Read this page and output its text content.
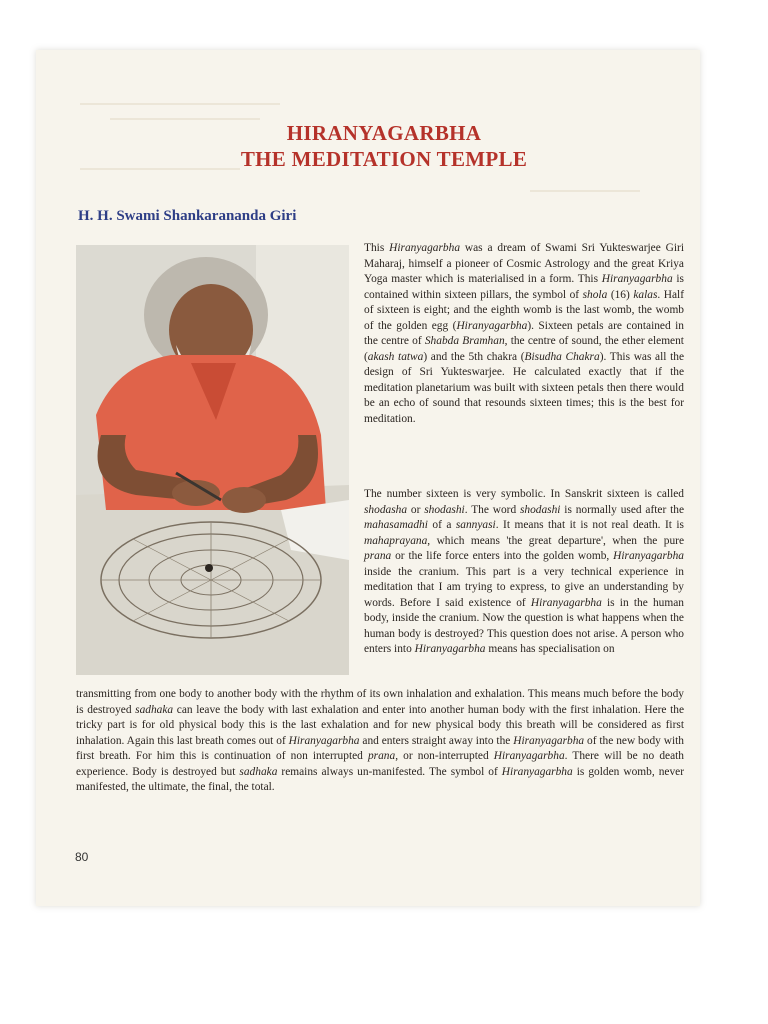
HIRANYAGARBHA
THE MEDITATION TEMPLE
H. H. Swami Shankarananda Giri

This Hiranyagarbha was a dream of Swami Sri Yukteswarjee Giri Maharaj, himself a pioneer of Cosmic Astrology and the great Kriya Yoga master which is materialised in a form. This Hiranyagarbha is contained within sixteen pillars, the symbol of shola (16) kalas. Half of sixteen is eight; and the eighth womb is the last womb, the womb of the golden egg (Hiranyagarbha). Sixteen petals are contained in the centre of Shabda Bramhan, the centre of sound, the ether element (akash tatwa) and the 5th chakra (Bisudha Chakra). This was all the design of Sri Yukteswarjee. He calculated exactly that if the meditation planetarium was built with sixteen petals then there would be an echo of sound that resounds sixteen times; this is the best for meditation.

The number sixteen is very symbolic. In Sanskrit sixteen is called shodasha or shodashi. The word shodashi is normally used after the mahasamadhi of a sannyasi. It means that it is not real death. It is mahaprayana, which means 'the great departure', when the pure prana or the life force enters into the golden womb, Hiranyagarbha inside the cranium. This part is a very technical experience in meditation that I am trying to express, to give an understanding by words. Before I said existence of Hiranyagarbha is in the human body, inside the cranium. Now the question is what happens when the human body is destroyed? This question does not arise. A person who enters into Hiranyagarbha means has specialisation on

transmitting from one body to another body with the rhythm of its own inhalation and exhalation. This means much before the body is destroyed sadhaka can leave the body with last exhalation and enter into another human body with the first inhalation. Here the tricky part is for old physical body this is the last exhalation and for new physical body this breath will be considered as first inhalation. Again this last breath comes out of Hiranyagarbha and enters straight away into the Hiranyagarbha of the new body with first breath. For him this is continuation of non interrupted prana, or non-interrupted Hiranyagarbha. There will be no death experience. Body is destroyed but sadhaka remains always un-manifested. The symbol of Hiranyagarbha is golden womb, never manifested, the ultimate, the final, the total.

80
